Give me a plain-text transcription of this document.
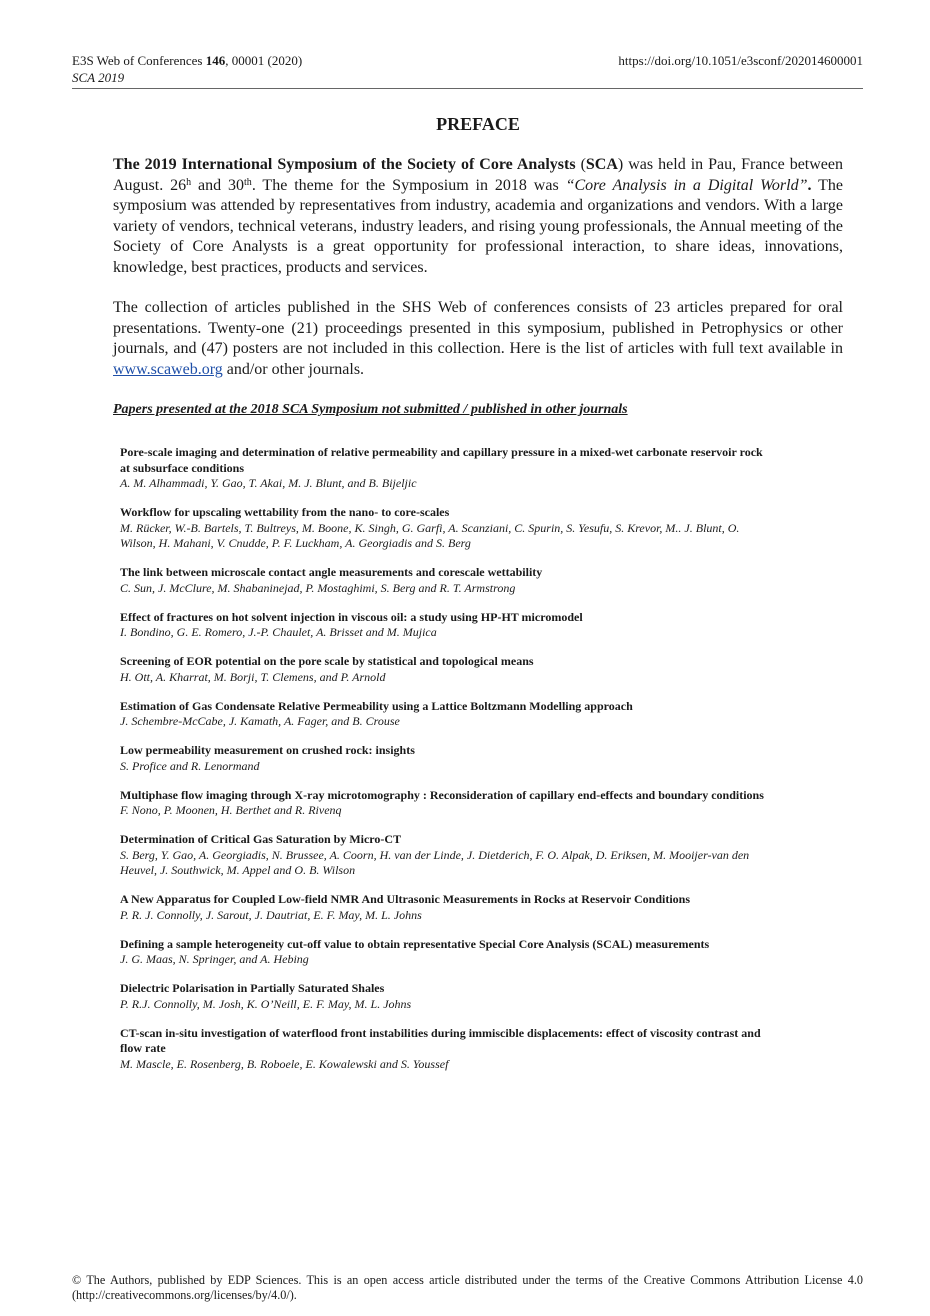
E3S Web of Conferences 146, 00001 (2020)	https://doi.org/10.1051/e3sconf/202014600001
SCA 2019
PREFACE
The 2019 International Symposium of the Society of Core Analysts (SCA) was held in Pau, France between August. 26$^h$ and 30th. The theme for the Symposium in 2018 was “Core Analysis in a Digital World”. The symposium was attended by representatives from industry, academia and organizations and vendors. With a large variety of vendors, technical veterans, industry leaders, and rising young professionals, the Annual meeting of the Society of Core Analysts is a great opportunity for professional interaction, to share ideas, innovations, knowledge, best practices, products and services.
The collection of articles published in the SHS Web of conferences consists of 23 articles prepared for oral presentations. Twenty-one (21) proceedings presented in this symposium, published in Petrophysics or other journals, and (47) posters are not included in this collection. Here is the list of articles with full text available in www.scaweb.org and/or other journals.
Papers presented at the 2018 SCA Symposium not submitted / published in other journals
Pore-scale imaging and determination of relative permeability and capillary pressure in a mixed-wet carbonate reservoir rock at subsurface conditions
A. M. Alhammadi, Y. Gao, T. Akai, M. J. Blunt, and B. Bijeljic
Workflow for upscaling wettability from the nano- to core-scales
M. Rücker, W.-B. Bartels, T. Bultreys, M. Boone, K. Singh, G. Garfi, A. Scanziani, C. Spurin, S. Yesufu, S. Krevor, M.. J. Blunt, O. Wilson, H. Mahani, V. Cnudde, P. F. Luckham, A. Georgiadis and S. Berg
The link between microscale contact angle measurements and corescale wettability
C. Sun, J. McClure, M. Shabaninejad, P. Mostaghimi, S. Berg and R. T. Armstrong
Effect of fractures on hot solvent injection in viscous oil: a study using HP-HT micromodel
I. Bondino, G. E. Romero, J.-P. Chaulet, A. Brisset and M. Mujica
Screening of EOR potential on the pore scale by statistical and topological means
H. Ott, A. Kharrat, M. Borji, T. Clemens, and P. Arnold
Estimation of Gas Condensate Relative Permeability using a Lattice Boltzmann Modelling approach
J. Schembre-McCabe, J. Kamath, A. Fager, and B. Crouse
Low permeability measurement on crushed rock: insights
S. Profice and R. Lenormand
Multiphase flow imaging through X-ray microtomography : Reconsideration of capillary end-effects and boundary conditions
F. Nono, P. Moonen, H. Berthet and R. Rivenq
Determination of Critical Gas Saturation by Micro-CT
S. Berg, Y. Gao, A. Georgiadis, N. Brussee, A. Coorn, H. van der Linde, J. Dietderich, F. O. Alpak, D. Eriksen, M. Mooijer-van den Heuvel, J. Southwick, M. Appel and O. B. Wilson
A New Apparatus for Coupled Low-field NMR And Ultrasonic Measurements in Rocks at Reservoir Conditions
P. R. J. Connolly, J. Sarout, J. Dautriat, E. F. May, M. L. Johns
Defining a sample heterogeneity cut-off value to obtain representative Special Core Analysis (SCAL) measurements
J. G. Maas, N. Springer, and A. Hebing
Dielectric Polarisation in Partially Saturated Shales
P. R.J. Connolly, M. Josh, K. O’Neill, E. F. May, M. L. Johns
CT-scan in-situ investigation of waterflood front instabilities during immiscible displacements: effect of viscosity contrast and flow rate
M. Mascle, E. Rosenberg, B. Roboele, E. Kowalewski and S. Youssef
© The Authors, published by EDP Sciences. This is an open access article distributed under the terms of the Creative Commons Attribution License 4.0 (http://creativecommons.org/licenses/by/4.0/).
